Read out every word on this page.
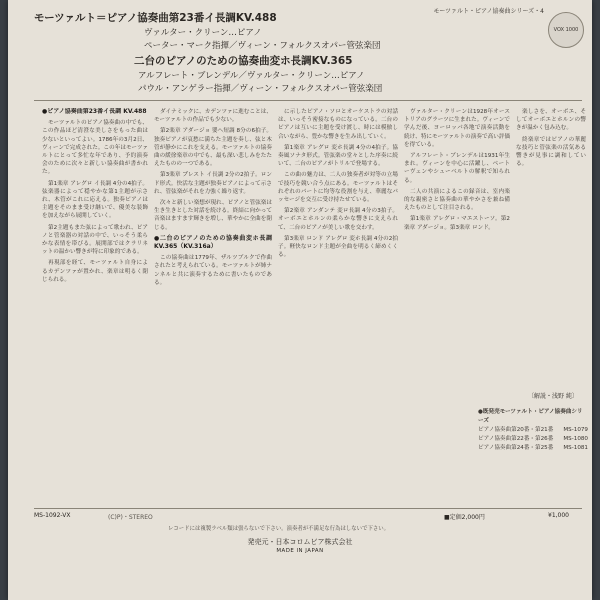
モーツァルト＝ピアノ協奏曲第23番イ長調KV.488
ヴァルター・クリーン…ピアノ
ペーター・マーク指揮／ヴィーン・フォルクスオパー管弦楽団
二台のピアノのための協奏曲変ホ長調KV.365
アルフレート・ブレンデル／ヴァルター・クリーン…ピアノ
パウル・アンゲラー指揮／ヴィーン・フォルクスオパー管弦楽団
モーツァルト・ピアノ協奏曲シリーズ・4
VOX 1000

●ピアノ協奏曲第23番イ長調 KV.488

モーツァルトのピアノ協奏曲の中でも、この作品ほど清澄な美しさをもった曲は少ないといってよい。1786年の3月2日、ヴィーンで完成された。この年はモーツァルトにとって多忙な年であり、予約演奏会のために次々と新しい協奏曲が書かれた。

第1楽章 アレグロ イ長調 4分の4拍子。弦楽器によって穏やかな第1主題が示され、木管がこれに応える。独奏ピアノは主題をそのまま受け継いで、優美な装飾を加えながら展開していく。

第2主題もまた弦によって歌われ、ピアノと管楽器の対話の中で、いっそう柔らかな表情を帯びる。展開部ではクラリネットの温かい響きが特に印象的である。

再現部を経て、モーツァルト自身によるカデンツァが置かれ、楽章は明るく閉じられる。

ダイナミックに、カデンツァに進むことは、モーツァルトの作品でも少ない。

第2楽章 アダージョ 嬰ヘ短調 8分の6拍子。独奏ピアノが哀愁に満ちた主題を奏し、弦と木管が静かにこれを支える。モーツァルトの協奏曲の緩徐楽章の中でも、最も深い悲しみをたたえたものの一つである。

第3楽章 プレスト イ長調 2分の2拍子。ロンド形式。快活な主題が独奏ピアノによって示され、管弦楽がそれを力強く繰り返す。

次々と新しい楽想が現れ、ピアノと管弦楽は生き生きとした対話を続ける。終結に向かって音楽はますます輝きを増し、華やかに全曲を閉じる。

●二台のピアノのための協奏曲変ホ長調 KV.365（KV.316a）

この協奏曲は1779年、ザルツブルクで作曲されたと考えられている。モーツァルトが姉ナンネルと共に演奏するために書いたものである。

に示したピアノ・ソロとオーケストラの対話は、いっそう密接なものになっている。二台のピアノは互いに主題を受け渡し、時には模倣し合いながら、豊かな響きを生み出していく。

第1楽章 アレグロ 変ホ長調 4分の4拍子。協奏風ソナタ形式。管弦楽の堂々とした序奏に続いて、二台のピアノがトリルで登場する。

この曲の魅力は、二人の独奏者が対等の立場で技巧を競い合う点にある。モーツァルトはそれぞれのパートに均等な役割を与え、華麗なパッセージを交互に受け持たせている。

第2楽章 アンダンテ 変ロ長調 4分の3拍子。オーボエとホルンの柔らかな響きに支えられて、二台のピアノが美しい歌を交わす。

第3楽章 ロンド アレグロ 変ホ長調 4分の2拍子。軽快なロンド主題が全曲を明るく締めくくる。

ヴァルター・クリーンは1928年オーストリアのグラーツに生まれた。ヴィーンで学んだ後、ヨーロッパ各地で演奏活動を続け、特にモーツァルトの演奏で高い評価を得ている。

アルフレート・ブレンデルは1931年生まれ。ヴィーンを中心に活躍し、ベートーヴェンやシューベルトの解釈で知られる。

二人の共演によるこの録音は、室内楽的な親密さと協奏曲の華やかさを兼ね備えたものとして注目される。

第1楽章 アレグロ・マエストーソ。第2楽章 アダージョ。第3楽章 ロンド。

楽しさを、オーボエ、そしてオーボエとホルンの響きが温かく包み込む。

終楽章ではピアノの華麗な技巧と管弦楽の活気ある響きが見事に調和している。

〔解説・浅野 純〕
●既発売モーツァルト・ピアノ協奏曲シリーズ
ピアノ協奏曲第20番・第21番 MS-1079
ピアノ協奏曲第22番・第26番 MS-1080
ピアノ協奏曲第24番・第25番 MS-1081
MS-1092-VX	(C)P)・STEREO	■定価2,000円	¥1,000
レコードには複製ラベル類は張らないで下さい。演奏者が不満足な行為はしないで下さい。
発売元・日本コロムビア株式会社
MADE IN JAPAN
